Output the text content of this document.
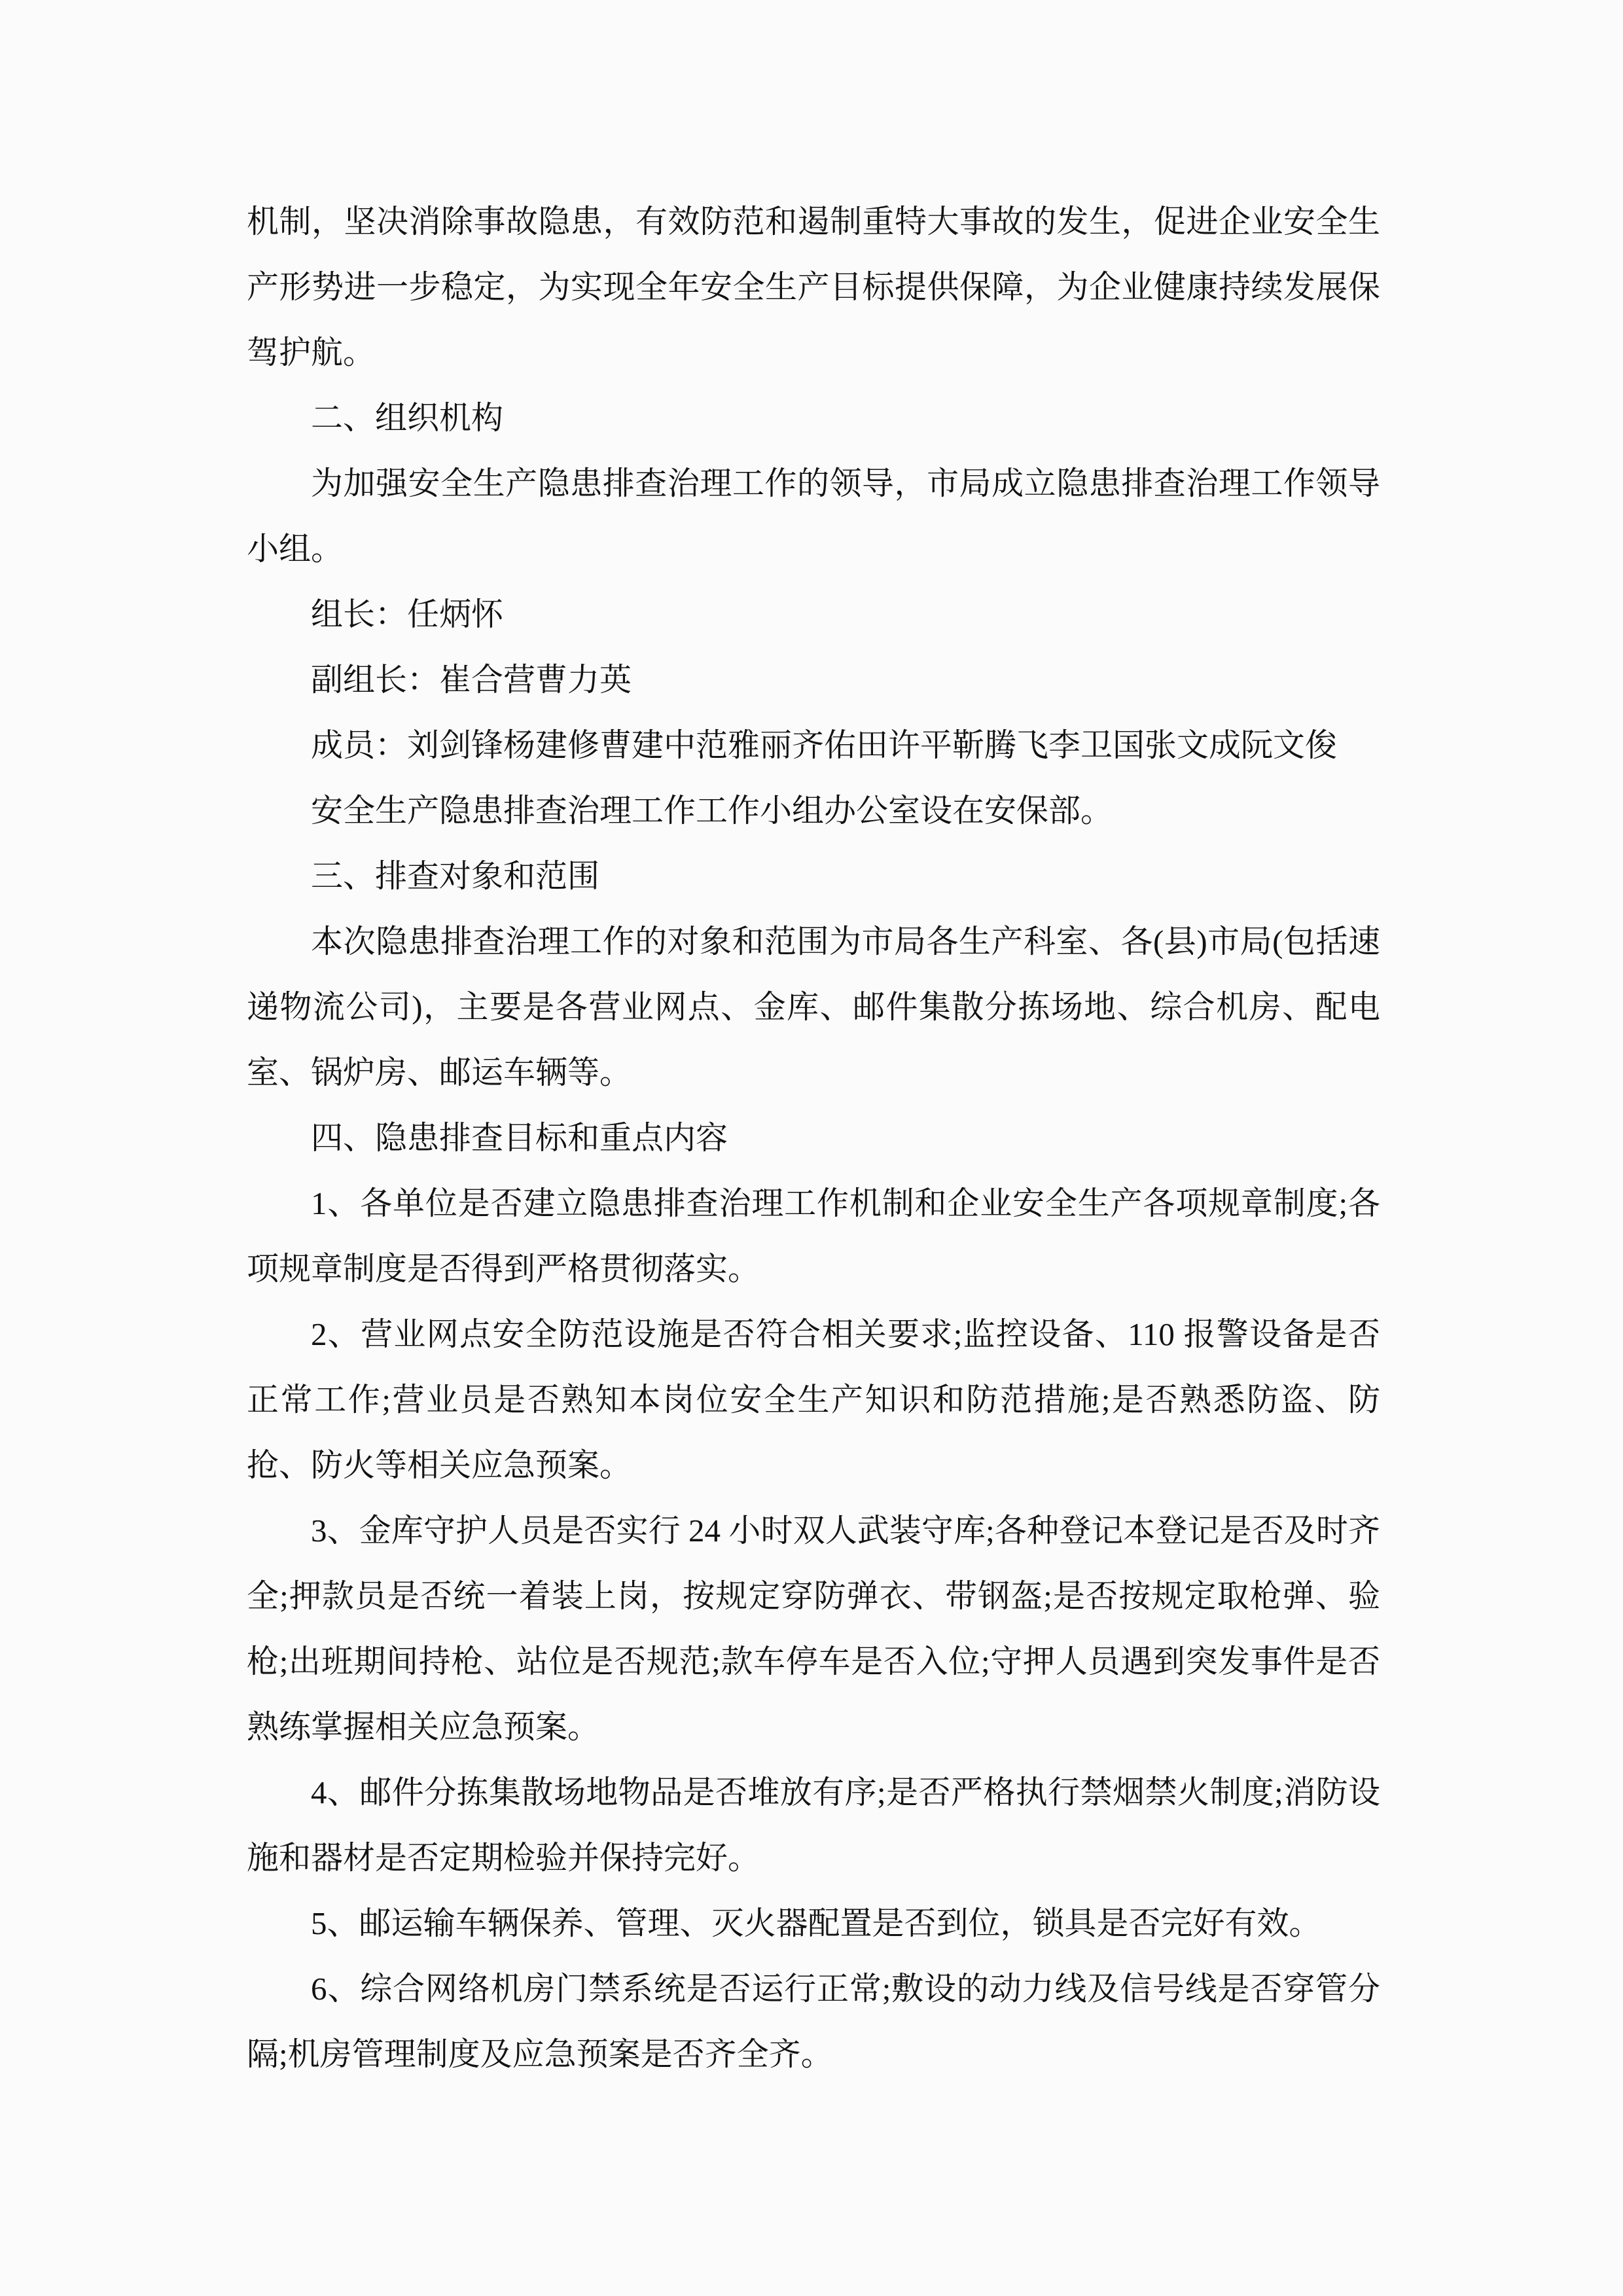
机制，坚决消除事故隐患，有效防范和遏制重特大事故的发生，促进企业安全生产形势进一步稳定，为实现全年安全生产目标提供保障，为企业健康持续发展保驾护航。

二、组织机构

为加强安全生产隐患排查治理工作的领导，市局成立隐患排查治理工作领导小组。

组长：任炳怀

副组长：崔合营曹力英

成员：刘剑锋杨建修曹建中范雅丽齐佑田许平靳腾飞李卫国张文成阮文俊

安全生产隐患排查治理工作工作小组办公室设在安保部。

三、排查对象和范围

本次隐患排查治理工作的对象和范围为市局各生产科室、各(县)市局(包括速递物流公司)，主要是各营业网点、金库、邮件集散分拣场地、综合机房、配电室、锅炉房、邮运车辆等。

四、隐患排查目标和重点内容

1、各单位是否建立隐患排查治理工作机制和企业安全生产各项规章制度;各项规章制度是否得到严格贯彻落实。

2、营业网点安全防范设施是否符合相关要求;监控设备、110 报警设备是否正常工作;营业员是否熟知本岗位安全生产知识和防范措施;是否熟悉防盗、防抢、防火等相关应急预案。

3、金库守护人员是否实行 24 小时双人武装守库;各种登记本登记是否及时齐全;押款员是否统一着装上岗，按规定穿防弹衣、带钢盔;是否按规定取枪弹、验枪;出班期间持枪、站位是否规范;款车停车是否入位;守押人员遇到突发事件是否熟练掌握相关应急预案。

4、邮件分拣集散场地物品是否堆放有序;是否严格执行禁烟禁火制度;消防设施和器材是否定期检验并保持完好。

5、邮运输车辆保养、管理、灭火器配置是否到位，锁具是否完好有效。

6、综合网络机房门禁系统是否运行正常;敷设的动力线及信号线是否穿管分隔;机房管理制度及应急预案是否齐全齐。
